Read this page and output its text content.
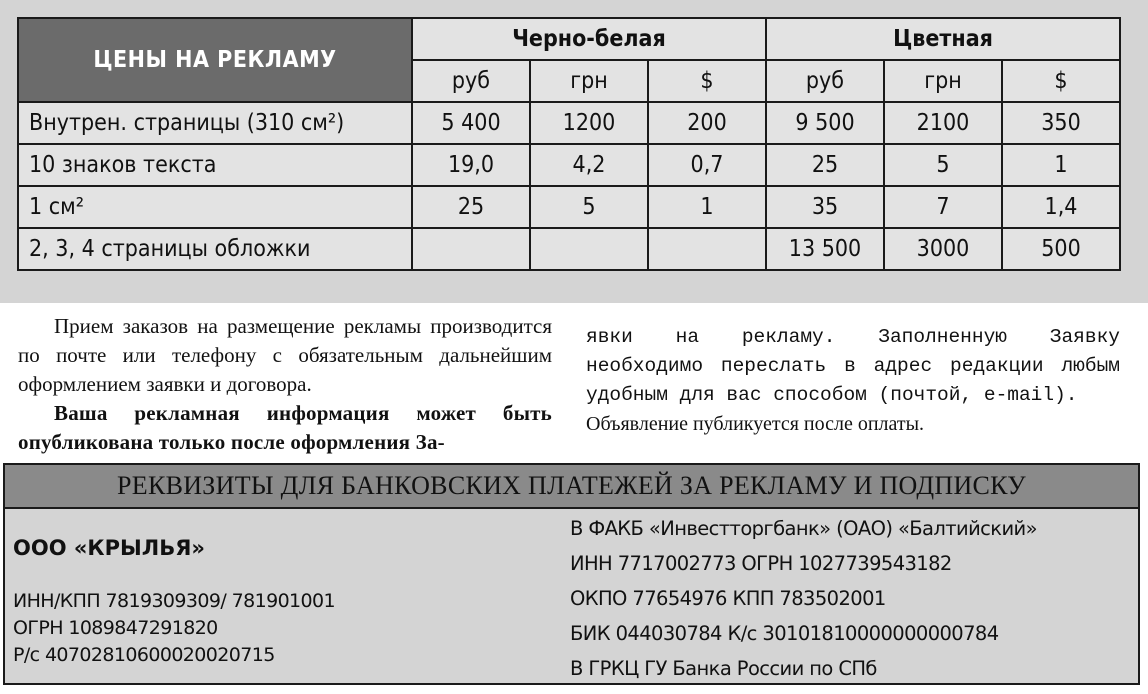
ЦЕНЫ НА РЕКЛАМУ	Черно-белая			Цветная		
	руб	грн	$	руб	грн	$
Внутрен. страницы (310 см²)	5 400	1200	200	9 500	2100	350
10 знаков текста	19,0	4,2	0,7	25	5	1
1 см²	25	5	1	35	7	1,4
2, 3, 4 страницы обложки				13 500	3000	500

Прием заказов на размещение рекламы производится по почте или телефону с обязательным дальнейшим оформлением заявки и договора.

Ваша рекламная информация может быть опубликована только после оформления За-

явки на рекламу. Заполненную Заявку необходимо переслать в адрес редакции любым удобным для вас способом (почтой, e-mail).

Объявление публикуется после оплаты.

РЕКВИЗИТЫ ДЛЯ БАНКОВСКИХ ПЛАТЕЖЕЙ ЗА РЕКЛАМУ И ПОДПИСКУ
ООО «КРЫЛЬЯ»
ИНН/КПП 7819309309/ 781901001
ОГРН 1089847291820
Р/с 40702810600020020715
В ФАКБ «Инвестторгбанк» (ОАО) «Балтийский»
ИНН 7717002773 ОГРН 1027739543182
ОКПО 77654976 КПП 783502001
БИК 044030784 К/с 30101810000000000784
В ГРКЦ ГУ Банка России по СПб
